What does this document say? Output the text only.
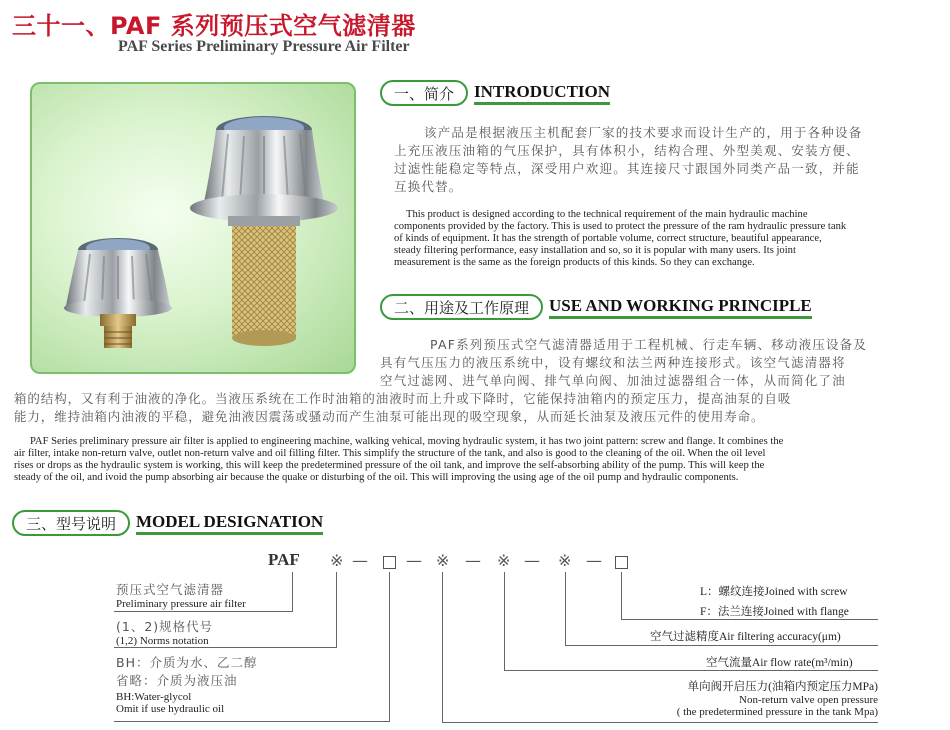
三十一、PAF 系列预压式空气滤清器
PAF Series Preliminary Pressure Air Filter
一、简介	INTRODUCTION
该产品是根据液压主机配套厂家的技术要求而设计生产的，用于各种设备
上充压液压油箱的气压保护，具有体积小，结构合理、外型美观、安装方便、
过滤性能稳定等特点，深受用户欢迎。其连接尺寸跟国外同类产品一致，并能
互换代替。
This product is designed according to the technical requirement of the main hydraulic machine
components provided by the factory. This is used to protect the pressure of the ram hydraulic pressure tank
of kinds of equipment. It has the strength of portable volume, correct structure, beautiful appearance,
steady filtering performance, easy installation and so, so it is popular with many users. Its joint
measurement is the same as the foreign products of this kinds. So they can exchange.
二、用途及工作原理	USE AND WORKING PRINCIPLE
PAF系列预压式空气滤清器适用于工程机械、行走车辆、移动液压设备及
具有气压压力的液压系统中，设有螺纹和法兰两种连接形式。该空气滤清器将
空气过滤网、进气单向阀、排气单向阀、加油过滤器组合一体，从而简化了油
箱的结构，又有利于油液的净化。当液压系统在工作时油箱的油液时而上升或下降时，它能保持油箱内的预定压力，提高油泵的自吸
能力，维持油箱内油液的平稳，避免油液因震荡或骚动而产生油泵可能出现的吸空现象，从而延长油泵及液压元件的使用寿命。
PAF Series preliminary pressure air filter is applied to engineering machine, walking vehical, moving hydraulic system, it has two joint pattern: screw and flange. It combines the
air filter, intake non-return valve, outlet non-return valve and oil filling filter. This simplify the structure of the tank, and also is good to the cleaning of the oil. When the oil level
rises or drops as the hydraulic system is working, this will keep the predetermined pressure of the oil tank, and improve the self-absorbing ability of the pump. This will keep the
steady of the oil, and ivoid the pump absorbing air because the quake or disturbing of the oil. This will improving the using age of the oil pump and hydraulic components.
三、型号说明	MODEL DESIGNATION
PAF ※ — — ※ — ※ — ※ —
预压式空气滤清器
Preliminary pressure air filter
(1、2)规格代号
(1,2) Norms notation
BH：介质为水、乙二醇
省略：介质为液压油
BH:Water-glycol
Omit if use hydraulic oil
L：螺纹连接Joined with screw
F：法兰连接Joined with flange
空气过滤精度Air filtering accuracy(μm)
空气流量Air flow rate(m³/min)
单向阀开启压力(油箱内预定压力MPa)
Non-return valve open pressure
( the predetermined pressure in the tank Mpa)
